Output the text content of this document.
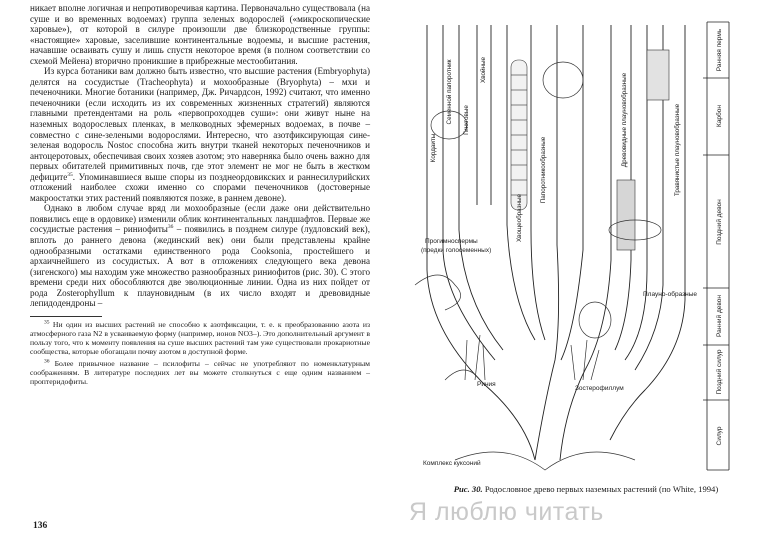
никает вполне логичная и непротиворечивая картина. Первоначально существовала (на суше и во временных водоемах) группа зеленых водорослей («микроскопические харовые»), от которой в силуре произошли две близкородственные группы: «настоящие» харовые, заселившие континентальные водоемы, и высшие растения, начавшие осваивать сушу и лишь спустя некоторое время (в полном соответствии со схемой Мейена) вторично проникшие в прибрежные местообитания.

Из курса ботаники вам должно быть известно, что высшие растения (Embryophyta) делятся на сосудистые (Tracheophyta) и мохообразные (Bryophyta) – мхи и печеночники. Многие ботаники (например, Дж. Ричардсон, 1992) считают, что именно печеночники (если исходить из их современных жизненных стратегий) являются главными претендентами на роль «первопроходцев суши»: они живут ныне на наземных водорослевых пленках, в мелководных эфемерных водоемах, в почве – совместно с сине-зелеными водорослями. Интересно, что азотфиксирующая сине-зеленая водоросль Nostoc способна жить внутри тканей некоторых печеночников и антоцеротовых, обеспечивая своих хозяев азотом; это наверняка было очень важно для первых обитателей примитивных почв, где этот элемент не мог не быть в жестком дефиците$^{35}$. Упоминавшиеся выше споры из позднеордовикских и раннесилурийских отложений наиболее схожи именно со спорами печеночников (достоверные макроостатки этих растений появляются позже, в раннем девоне).

Однако в любом случае вряд ли мохообразные (если даже они действительно появились еще в ордовике) изменили облик континентальных ландшафтов. Первые же сосудистые растения – риниофиты$^{36}$ – появились в позднем силуре (лудловский век), вплоть до раннего девона (жединский век) они были представлены крайне однообразными остатками единственного рода Cooksonia, простейшего и архаичнейшего из сосудистых. А вот в отложениях следующего века девона (зигенского) мы находим уже множество разнообразных риниофитов (рис. 30). С этого времени среди них обособляются две эволюционные линии. Одна из них пойдет от рода Zosterophyllum к плауновидным (в их число входят и древовидные лепидодендроны –

$^{35}$ Ни один из высших растений не способно к азотфиксации, т. е. к преобразованию азота из атмосферного газа N2 в усваиваемую форму (например, ионов NO3–). Это дополнительный аргумент в пользу того, что к моменту появления на суше высших растений там уже существовали прокариотные сообщества, которые обогащали почву азотом в доступной форме.

$^{36}$ Более привычное название – псилофиты – сейчас не употребляют по номенклатурным соображениям. В литературе последних лет вы можете столкнуться с еще одним названием – проптеридофиты.

136
Ранняя пермь
Карбон
Поздний девон
Ранний девон
Поздний силур
Силур
Кордаиты
Семенной папоротник Гинкговые
Хвойные
Хвощеобразные
Папоротникообразные
Древовидные плауновобразные	Травянистые плауновобразные
Прогимноспермы
(предки голосеменных)
Плауно-образные
Риния
Зостерофиллум
Комплекс куксоний
Рис. 30. Родословное древо первых наземных растений (по White, 1994)
Я люблю читать
